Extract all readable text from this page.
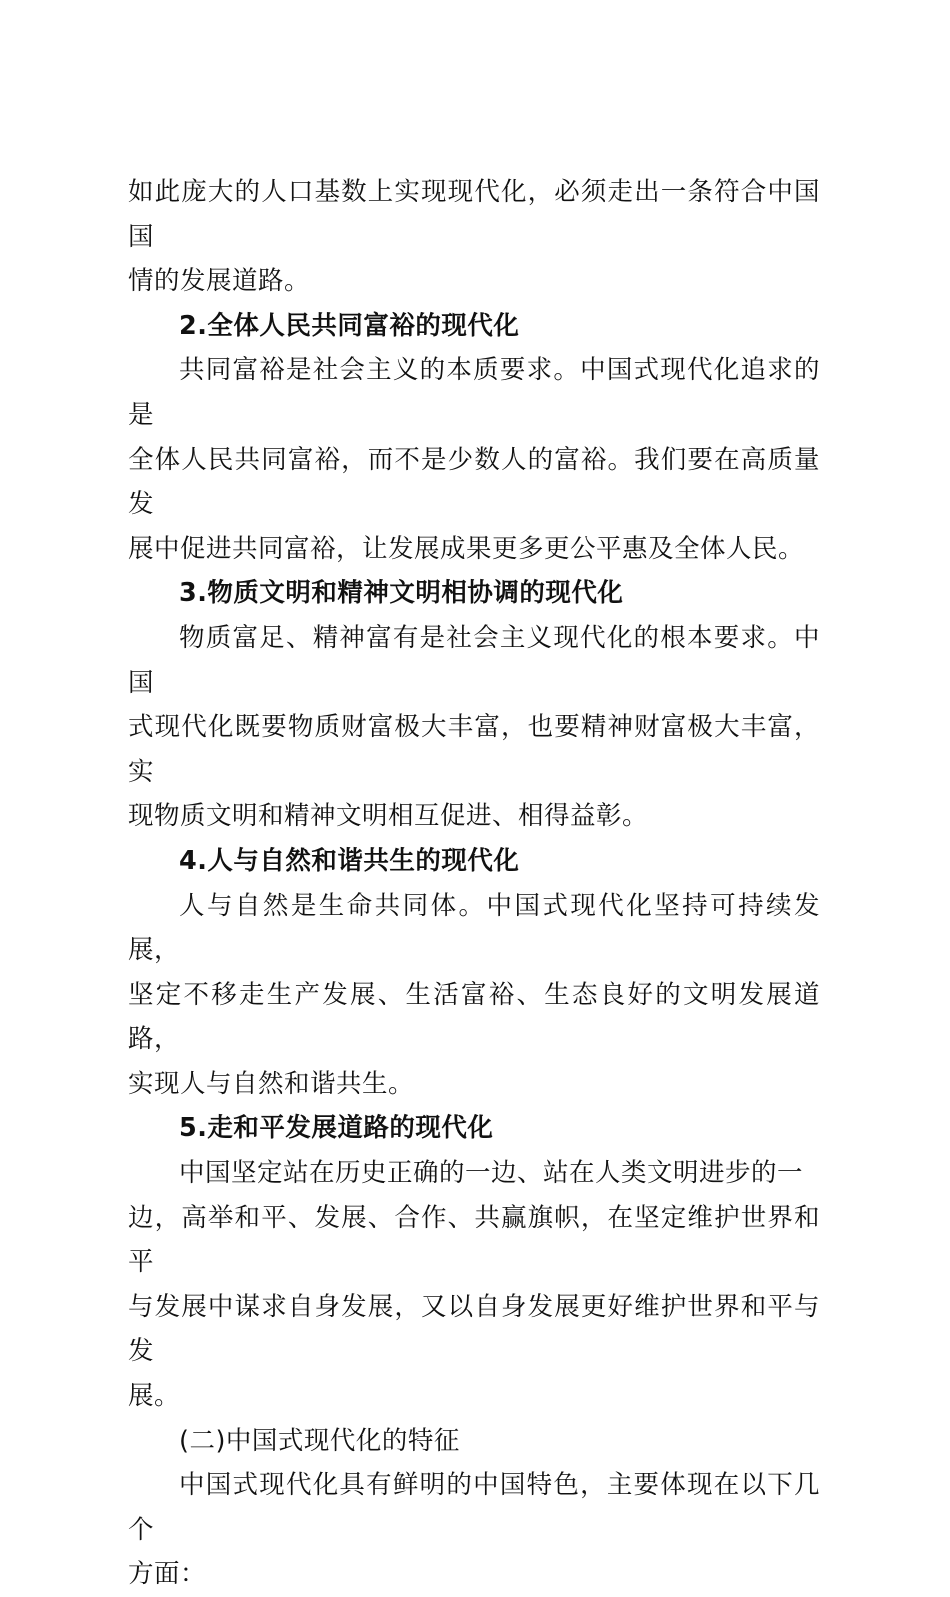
如此庞大的人口基数上实现现代化，必须走出一条符合中国国
情的发展道路。

2.全体人民共同富裕的现代化

共同富裕是社会主义的本质要求。中国式现代化追求的是
全体人民共同富裕，而不是少数人的富裕。我们要在高质量发
展中促进共同富裕，让发展成果更多更公平惠及全体人民。

3.物质文明和精神文明相协调的现代化

物质富足、精神富有是社会主义现代化的根本要求。中国
式现代化既要物质财富极大丰富，也要精神财富极大丰富，实
现物质文明和精神文明相互促进、相得益彰。

4.人与自然和谐共生的现代化

人与自然是生命共同体。中国式现代化坚持可持续发展，
坚定不移走生产发展、生活富裕、生态良好的文明发展道路，
实现人与自然和谐共生。

5.走和平发展道路的现代化

中国坚定站在历史正确的一边、站在人类文明进步的一
边，高举和平、发展、合作、共赢旗帜，在坚定维护世界和平
与发展中谋求自身发展，又以自身发展更好维护世界和平与发
展。

(二)中国式现代化的特征

中国式现代化具有鲜明的中国特色，主要体现在以下几个
方面：
